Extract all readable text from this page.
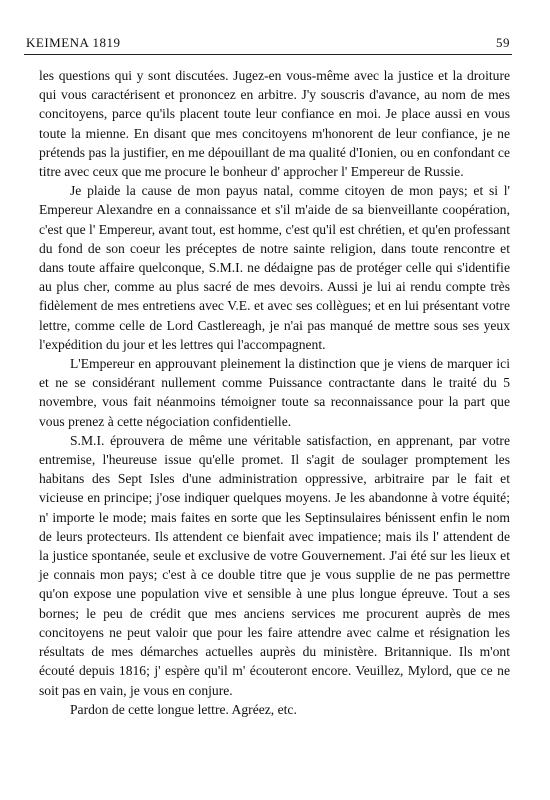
KEIMENA 1819	59

les questions qui y sont discutées. Jugez-en vous-même avec la justice et la droiture qui vous caractérisent et prononcez en arbitre. J'y souscris d'avance, au nom de mes concitoyens, parce qu'ils placent toute leur confiance en moi. Je place aussi en vous toute la mienne. En disant que mes concitoyens m'honorent de leur confiance, je ne prétends pas la justifier, en me dépouillant de ma qualité d'Ionien, ou en confondant ce titre avec ceux que me procure le bonheur d' approcher l' Empereur de Russie.

Je plaide la cause de mon payus natal, comme citoyen de mon pays; et si l' Empereur Alexandre en a connaissance et s'il m'aide de sa bienveillante coopération, c'est que l' Empereur, avant tout, est homme, c'est qu'il est chrétien, et qu'en professant du fond de son coeur les préceptes de notre sainte religion, dans toute rencontre et dans toute affaire quelconque, S.M.I. ne dédaigne pas de protéger celle qui s'identifie au plus cher, comme au plus sacré de mes devoirs. Aussi je lui ai rendu compte très fidèlement de mes entretiens avec V.E. et avec ses collègues; et en lui présentant votre lettre, comme celle de Lord Castlereagh, je n'ai pas manqué de mettre sous ses yeux l'expédition du jour et les lettres qui l'accompagnent.

L'Empereur en approuvant pleinement la distinction que je viens de marquer ici et ne se considérant nullement comme Puissance contractante dans le traité du 5 novembre, vous fait néanmoins témoigner toute sa reconnaissance pour la part que vous prenez à cette négociation confidentielle.

S.M.I. éprouvera de même une véritable satisfaction, en apprenant, par votre entremise, l'heureuse issue qu'elle promet. Il s'agit de soulager promptement les habitans des Sept Isles d'une administration oppressive, arbitraire par le fait et vicieuse en principe; j'ose indiquer quelques moyens. Je les abandonne à votre équité; n' importe le mode; mais faites en sorte que les Septinsulaires bénissent enfin le nom de leurs protecteurs. Ils attendent ce bienfait avec impatience; mais ils l' attendent de la justice spontanée, seule et exclusive de votre Gouvernement. J'ai été sur les lieux et je connais mon pays; c'est à ce double titre que je vous supplie de ne pas permettre qu'on expose une population vive et sensible à une plus longue épreuve. Tout a ses bornes; le peu de crédit que mes anciens services me procurent auprès de mes concitoyens ne peut valoir que pour les faire attendre avec calme et résignation les résultats de mes démarches actuelles auprès du ministère. Britannique. Ils m'ont écouté depuis 1816; j' espère qu'il m' écouteront encore. Veuillez, Mylord, que ce ne soit pas en vain, je vous en conjure.

Pardon de cette longue lettre. Agréez, etc.
